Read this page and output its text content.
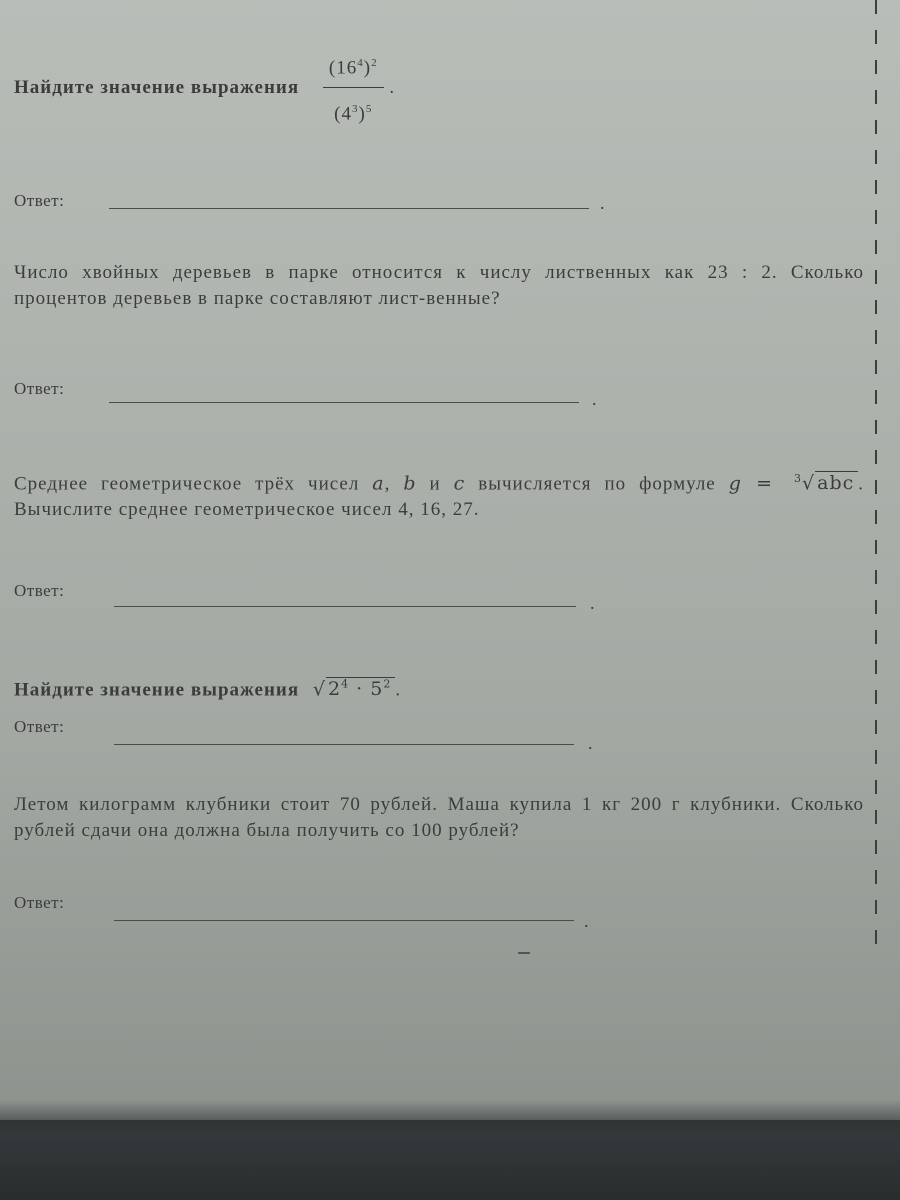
Найдите значение выражения $\frac{(16^4)^2}{(4^3)^5}$ .
Ответ:	.
Число хвойных деревьев в парке относится к числу лиственных как 23 : 2. Сколько процентов деревьев в парке составляют лист-венные?
Ответ:
.
Среднее геометрическое трёх чисел a, b и c вычисляется по формуле g = $^3$√ abc . Вычислите среднее геометрическое чисел 4, 16, 27.
Ответ:
.
Найдите значение выражения √ $2^4 \cdot 5^2$ .
Ответ:
.
Летом килограмм клубники стоит 70 рублей. Маша купила 1 кг 200 г клубники. Сколько рублей сдачи она должна была получить со 100 рублей?
Ответ:
.
